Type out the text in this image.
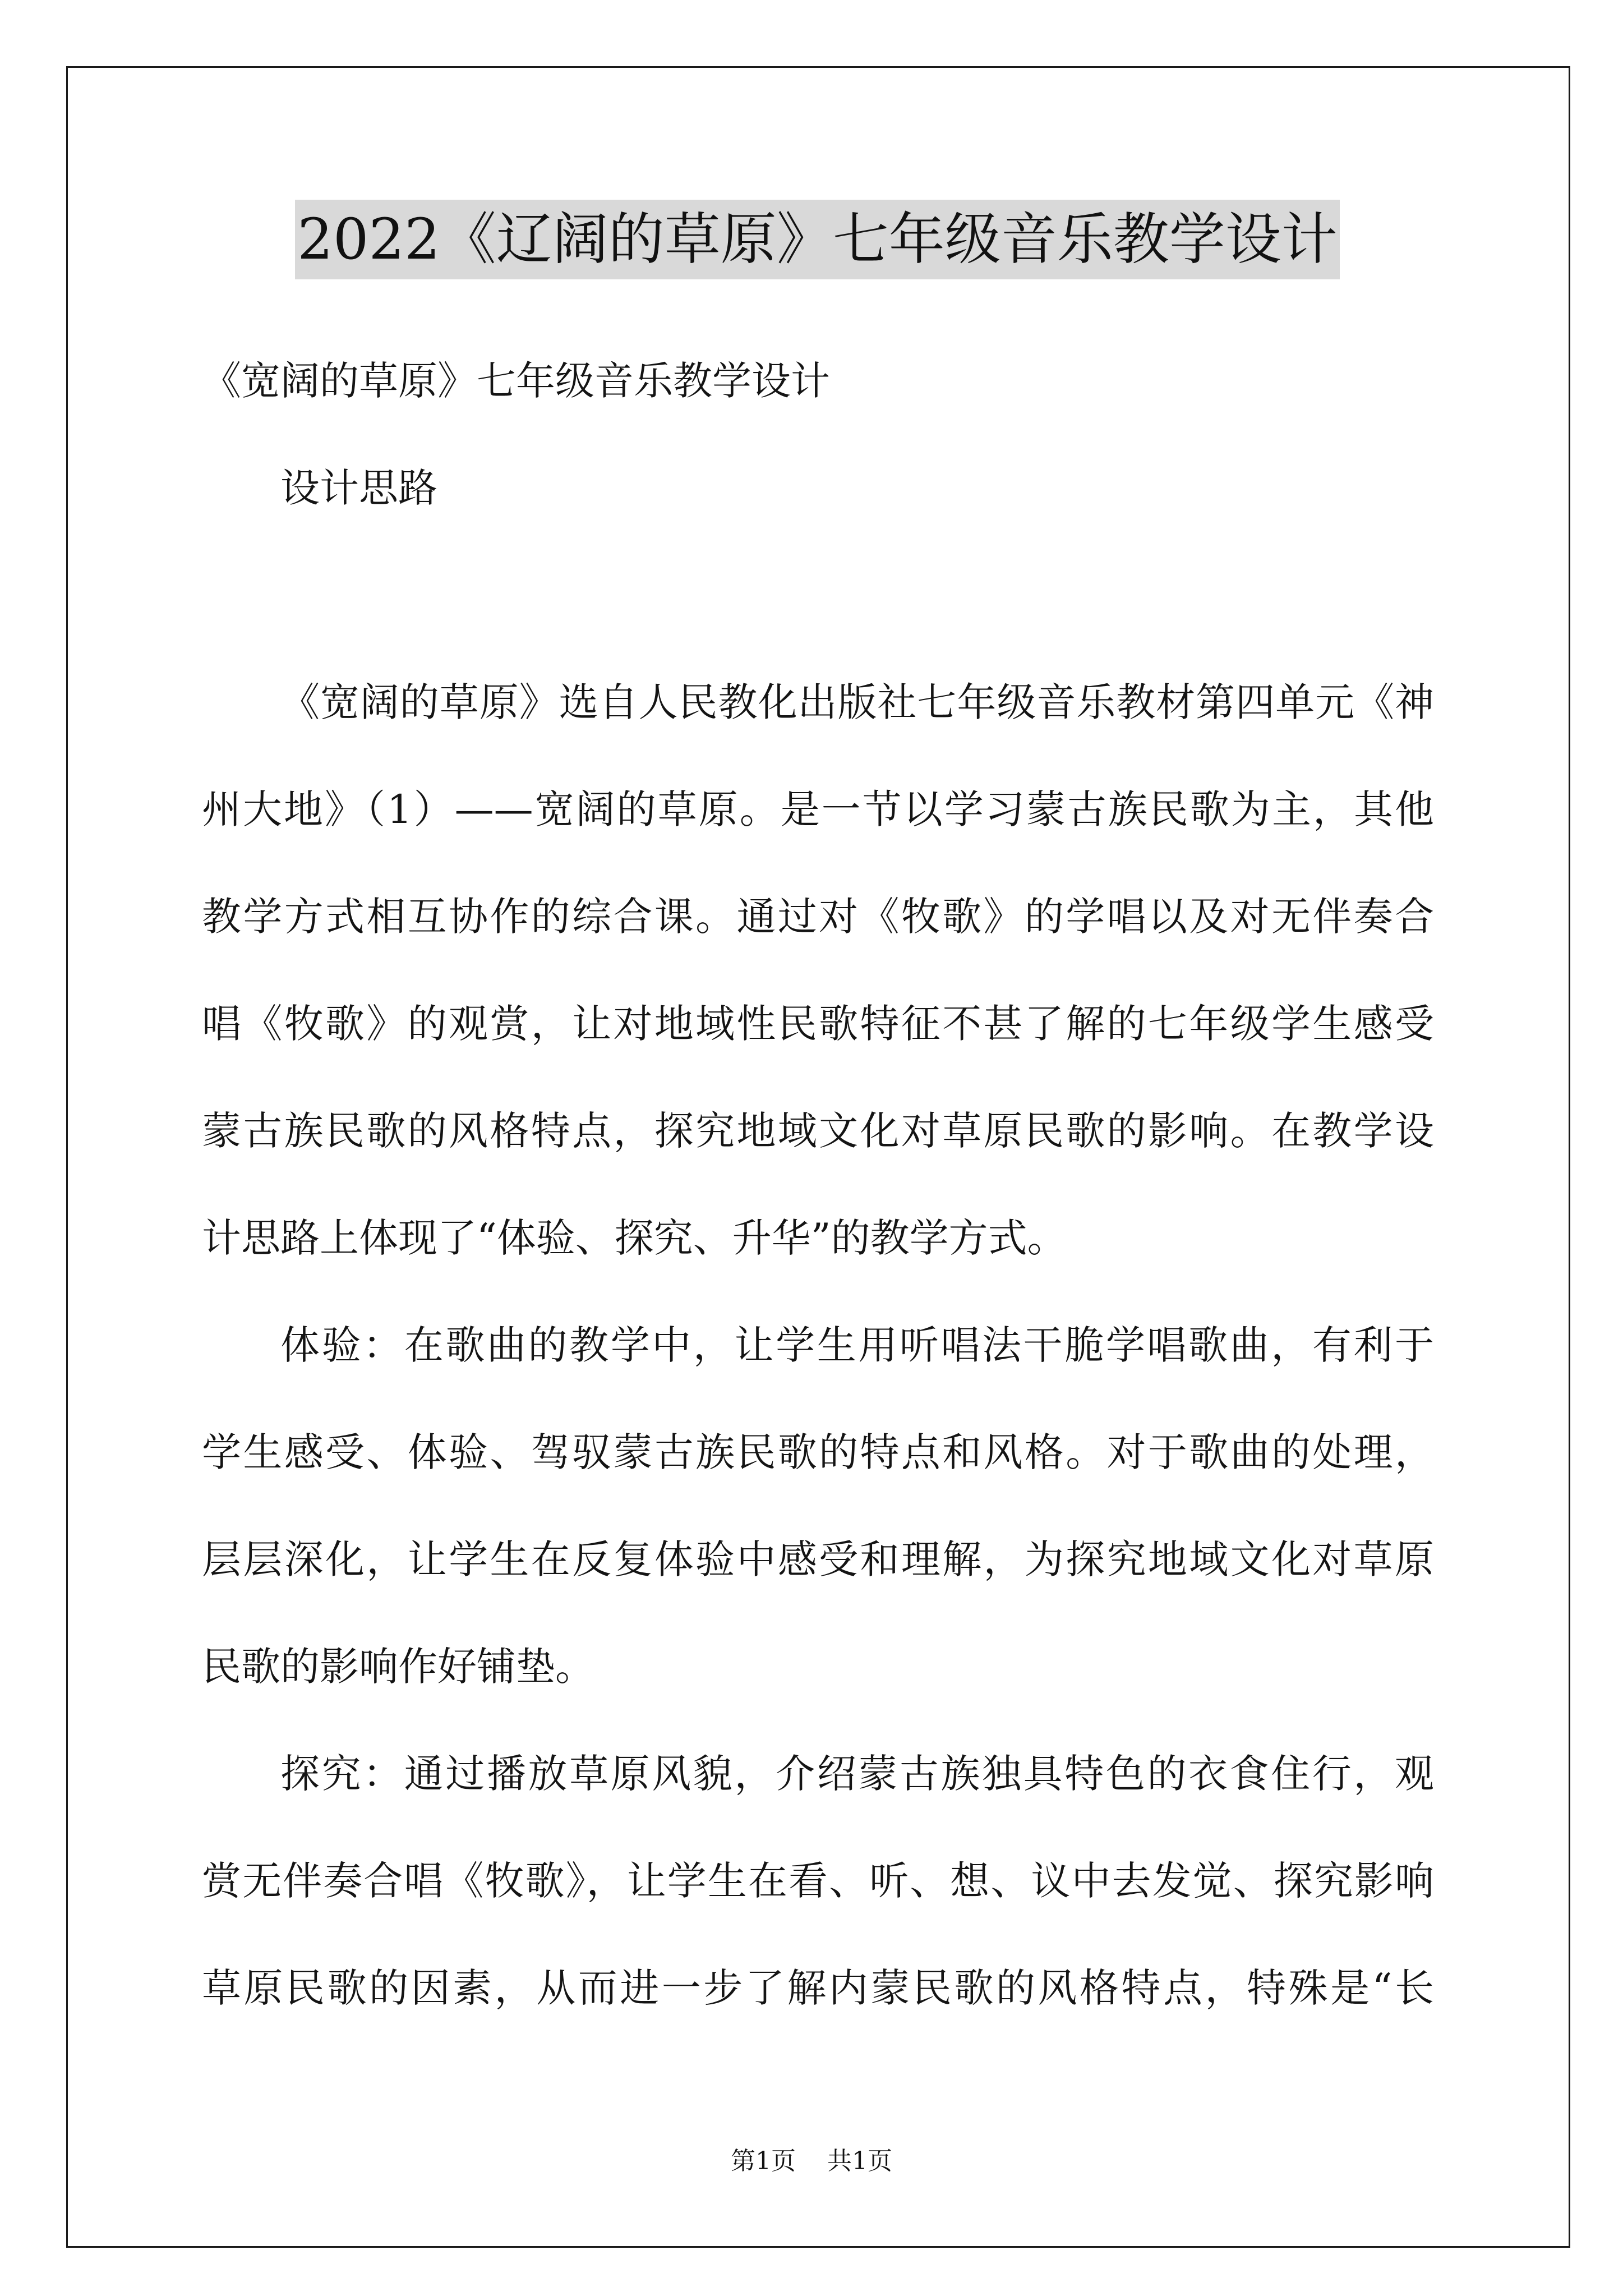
2022《辽阔的草原》七年级音乐教学设计
《宽阔的草原》七年级音乐教学设计
设计思路
《宽阔的草原》选自人民教化出版社七年级音乐教材第四单元《神
州大地》（1）——宽阔的草原。是一节以学习蒙古族民歌为主，其他
教学方式相互协作的综合课。通过对《牧歌》的学唱以及对无伴奏合
唱《牧歌》的观赏，让对地域性民歌特征不甚了解的七年级学生感受
蒙古族民歌的风格特点，探究地域文化对草原民歌的影响。在教学设
计思路上体现了“体验、探究、升华”的教学方式。
体验：在歌曲的教学中，让学生用听唱法干脆学唱歌曲，有利于
学生感受、体验、驾驭蒙古族民歌的特点和风格。对于歌曲的处理，
层层深化，让学生在反复体验中感受和理解，为探究地域文化对草原
民歌的影响作好铺垫。
探究：通过播放草原风貌，介绍蒙古族独具特色的衣食住行，观
赏无伴奏合唱《牧歌》，让学生在看、听、想、议中去发觉、探究影响
草原民歌的因素，从而进一步了解内蒙民歌的风格特点，特殊是“长
第1页 共1页
